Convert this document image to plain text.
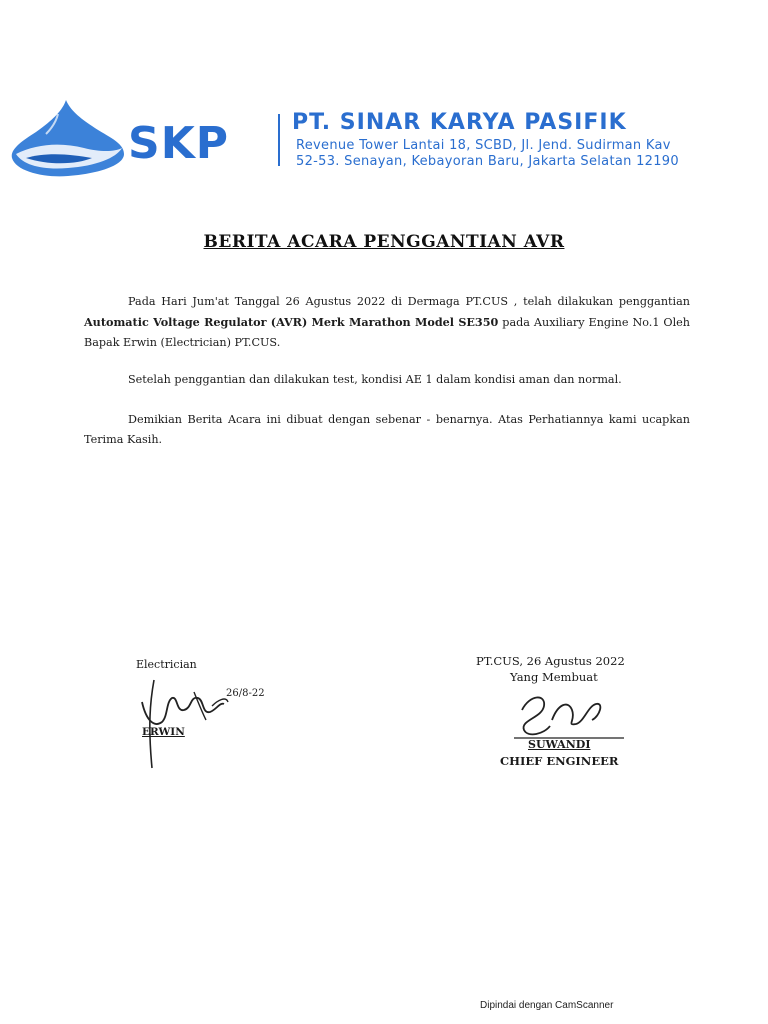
SKP	PT. SINAR KARYA PASIFIK
Revenue Tower Lantai 18, SCBD, Jl. Jend. Sudirman Kav
52-53. Senayan, Kebayoran Baru, Jakarta Selatan 12190
BERITA ACARA PENGGANTIAN AVR
Pada Hari Jum'at Tanggal 26 Agustus 2022 di Dermaga PT.CUS , telah dilakukan penggantian Automatic Voltage Regulator (AVR) Merk Marathon Model SE350 pada Auxiliary Engine No.1 Oleh Bapak Erwin (Electrician) PT.CUS.
Setelah penggantian dan dilakukan test, kondisi AE 1 dalam kondisi aman dan normal.
Demikian Berita Acara ini dibuat dengan sebenar - benarnya. Atas Perhatiannya kami ucapkan Terima Kasih.
Electrician
26/8-22
ERWIN
PT.CUS, 26 Agustus 2022
Yang Membuat
SUWANDI
CHIEF ENGINEER
Dipindai dengan CamScanner
